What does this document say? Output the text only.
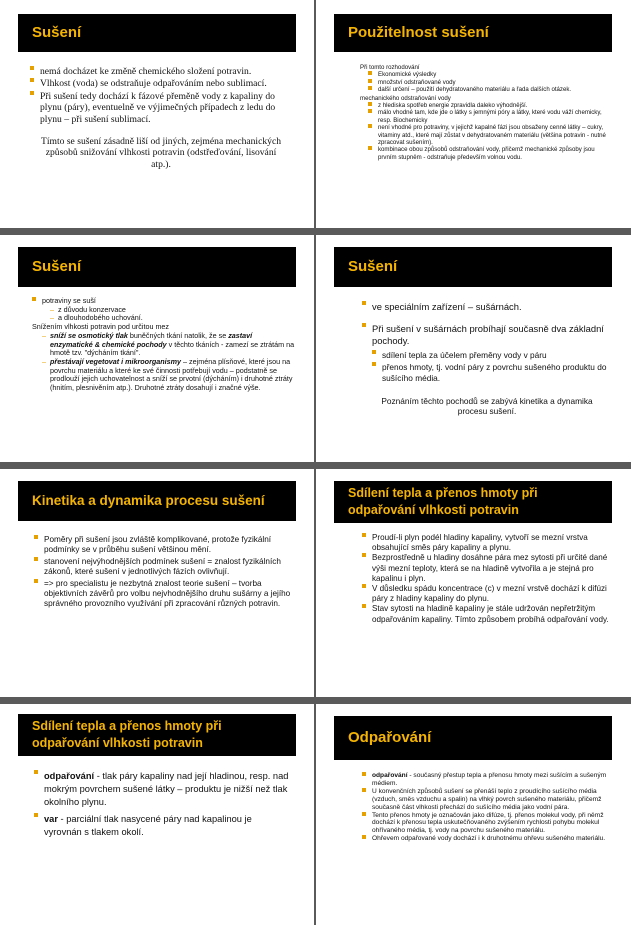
Sušení
nemá docházet ke změně chemického složení potravin.
Vlhkost (voda) se odstraňuje odpařováním nebo sublimací.
Při sušení tedy dochází k fázové přeměně vody z kapaliny do plynu (páry), eventuelně ve výjimečných případech z ledu do plynu – při sušení sublimací.

Tímto se sušení zásadně liší od jiných, zejména mechanických způsobů snižování vlhkosti potravin (odstřeďování, lisování atp.).

Použitelnost sušení

Při tomto rozhodování

Ekonomické výsledky
množství odstraňované vody
další určení – použití dehydratovaného materiálu a řada dalších otázek.

mechanického odstraňování vody

z hlediska spotřeb energie zpravidla daleko výhodnější.
málo vhodné tam, kde jde o látky s jemnými póry a látky, které vodu váží chemicky, resp. Biochemicky
není vhodné pro potraviny, v jejichž kapalné fázi jsou obsaženy cenné látky – cukry, vitaminy atd., které mají zůstat v dehydratovaném materiálu (většina potravin - nutné zpracovat sušením).
kombinace obou způsobů odstraňování vody, přičemž mechanické způsoby jsou prvním stupněm - odstraňuje především volnou vodu.
Sušení
potraviny se suší
– z důvodu konzervace
– a dlouhodobého uchování.

Snížením vlhkosti potravin pod určitou mez

– sníží se osmotický tlak buněčných tkání natolik, že se zastaví enzymatické & chemické pochody v těchto tkáních - zamezí se ztrátám na hmotě tzv. "dýcháním tkání".
– přestávají vegetovat i mikroorganismy – zejména plísňové, které jsou na povrchu materiálu a které ke své činnosti potřebují vodu – podstatně se prodlouží jejich uchovatelnost a sníží se prvotní (dýcháním) i druhotné ztráty (hnitím, plesnivěním atp.). Druhotné ztráty dosahují i značné výše.
Sušení
ve speciálním zařízení – sušárnách.
Při sušení v sušárnách probíhají současně dva základní pochody.
sdílení tepla za účelem přeměny vody v páru
přenos hmoty, tj. vodní páry z povrchu sušeného produktu do sušícího média.

Poznáním těchto pochodů se zabývá kinetika a dynamika procesu sušení.

Kinetika a dynamika procesu sušení
Poměry při sušení jsou zvláště komplikované, protože fyzikální podmínky se v průběhu sušení většinou mění.
stanovení nejvýhodnějších podmínek sušení = znalost fyzikálních zákonů, které sušení v jednotlivých fázích ovlivňují.
=> pro specialistu je nezbytná znalost teorie sušení – tvorba objektivních závěrů pro volbu nejvhodnějšího druhu sušárny a jejího správného provozního využívání při zpracování různých potravin.
Sdílení tepla a přenos hmoty při odpařování vlhkosti potravin
Proudí-li plyn podél hladiny kapaliny, vytvoří se mezní vrstva obsahující směs páry kapaliny a plynu.
Bezprostředně u hladiny dosáhne pára mez sytosti při určité dané výši mezní teploty, která se na hladině vytvořila a je stejná pro kapalinu i plyn.
V důsledku spádu koncentrace (c) v mezní vrstvě dochází k difúzi páry z hladiny kapaliny do plynu.
Stav sytosti na hladině kapaliny je stále udržován nepřetržitým odpařováním kapaliny. Tímto způsobem probíhá odpařování vody.
Sdílení tepla a přenos hmoty při odpařování vlhkosti potravin
odpařování - tlak páry kapaliny nad její hladinou, resp. nad mokrým povrchem sušené látky – produktu je nižší než tlak okolního plynu.
var - parciální tlak nasycené páry nad kapalinou je vyrovnán s tlakem okolí.
Odpařování
odpařování - současný přestup tepla a přenosu hmoty mezi sušícím a sušeným médiem.
U konvenčních způsobů sušení se přenáší teplo z proudícího sušícího média (vzduch, směs vzduchu a spalin) na vlhký povrch sušeného materiálu, přičemž současně část vlhkosti přechází do sušícího média jako vodní pára.
Tento přenos hmoty je označován jako difúze, tj. přenos molekul vody, při němž dochází k přenosu tepla uskutečňovaného zvýšením rychlosti pohybu molekul ohřívaného média, tj. vody na povrchu sušeného materiálu.
Ohřevem odpařované vody dochází i k druhotnému ohřevu sušeného materiálu.
